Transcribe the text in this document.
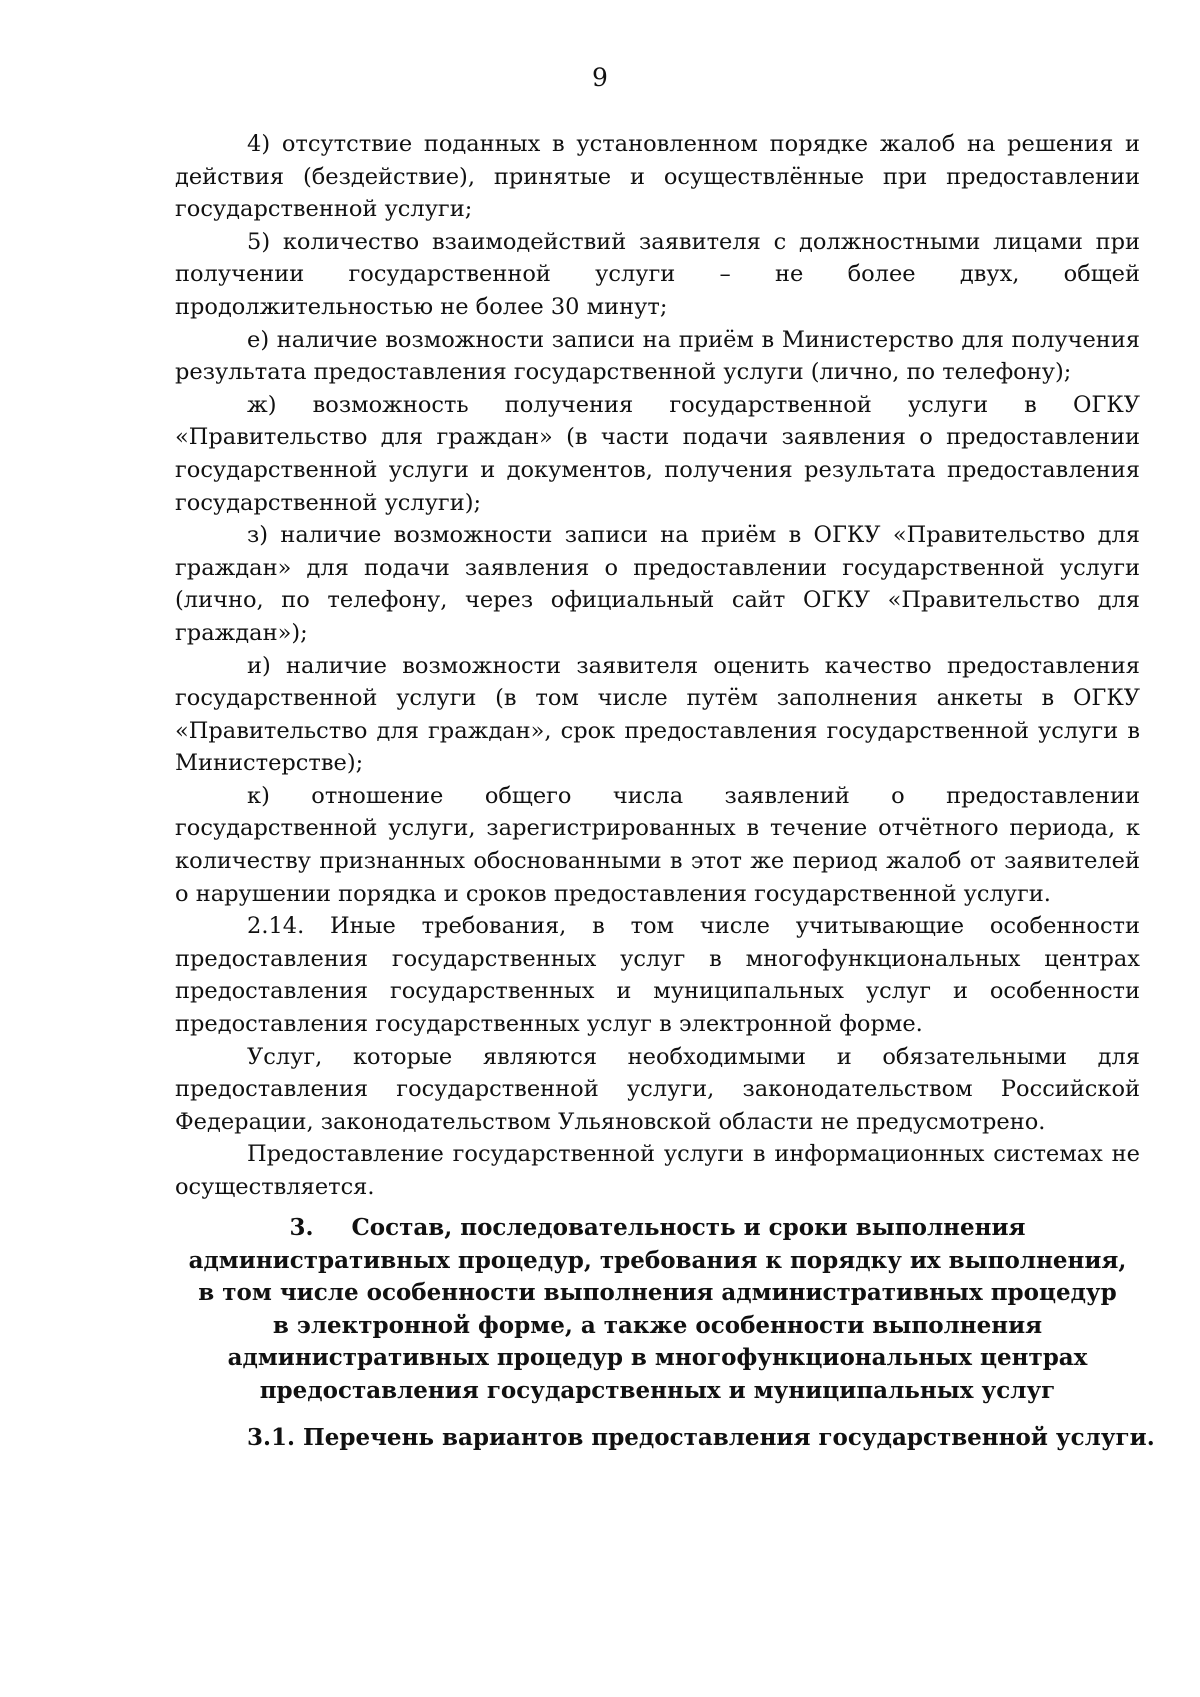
9

4) отсутствие поданных в установленном порядке жалоб на решения и действия (бездействие), принятые и осуществлённые при предоставлении государственной услуги;

5) количество взаимодействий заявителя с должностными лицами при получении государственной услуги – не более двух, общей продолжительностью не более 30 минут;

е) наличие возможности записи на приём в Министерство для получения результата предоставления государственной услуги (лично, по телефону);

ж) возможность получения государственной услуги в ОГКУ «Правительство для граждан» (в части подачи заявления о предоставлении государственной услуги и документов, получения результата предоставления государственной услуги);

з) наличие возможности записи на приём в ОГКУ «Правительство для граждан» для подачи заявления о предоставлении государственной услуги (лично, по телефону, через официальный сайт ОГКУ «Правительство для граждан»);

и) наличие возможности заявителя оценить качество предоставления государственной услуги (в том числе путём заполнения анкеты в ОГКУ «Правительство для граждан», срок предоставления государственной услуги в Министерстве);

к) отношение общего числа заявлений о предоставлении государственной услуги, зарегистрированных в течение отчётного периода, к количеству признанных обоснованными в этот же период жалоб от заявителей о нарушении порядка и сроков предоставления государственной услуги.

2.14. Иные требования, в том числе учитывающие особенности предоставления государственных услуг в многофункциональных центрах предоставления государственных и муниципальных услуг и особенности предоставления государственных услуг в электронной форме.

Услуг, которые являются необходимыми и обязательными для предоставления государственной услуги, законодательством Российской Федерации, законодательством Ульяновской области не предусмотрено.

Предоставление государственной услуги в информационных системах не осуществляется.

3. Состав, последовательность и сроки выполнения
административных процедур, требования к порядку их выполнения,
в том числе особенности выполнения административных процедур
в электронной форме, а также особенности выполнения
административных процедур в многофункциональных центрах
предоставления государственных и муниципальных услуг
3.1. Перечень вариантов предоставления государственной услуги.
